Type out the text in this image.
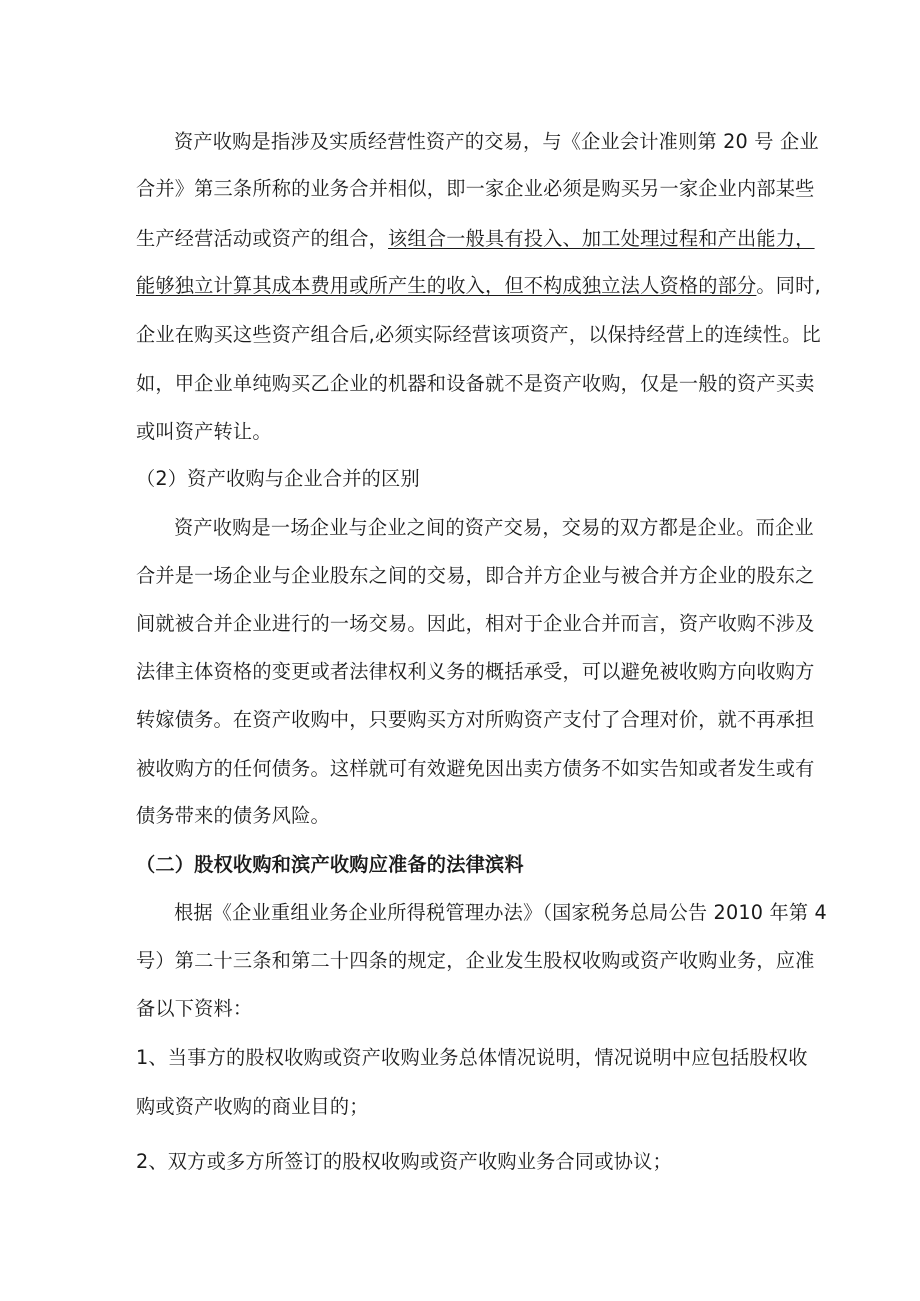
资产收购是指涉及实质经营性资产的交易，与《企业会计准则第 20 号 企业
合并》第三条所称的业务合并相似，即一家企业必须是购买另一家企业内部某些
生产经营活动或资产的组合，该组合一般具有投入、加工处理过程和产出能力，
能够独立计算其成本费用或所产生的收入，但不构成独立法人资格的部分。同时,
企业在购买这些资产组合后,必须实际经营该项资产，以保持经营上的连续性。比
如，甲企业单纯购买乙企业的机器和设备就不是资产收购，仅是一般的资产买卖
或叫资产转让。
（2）资产收购与企业合并的区别
资产收购是一场企业与企业之间的资产交易，交易的双方都是企业。而企业
合并是一场企业与企业股东之间的交易，即合并方企业与被合并方企业的股东之
间就被合并企业进行的一场交易。因此，相对于企业合并而言，资产收购不涉及
法律主体资格的变更或者法律权利义务的概括承受，可以避免被收购方向收购方
转嫁债务。在资产收购中，只要购买方对所购资产支付了合理对价，就不再承担
被收购方的任何债务。这样就可有效避免因出卖方债务不如实告知或者发生或有
债务带来的债务风险。
（二）股权收购和滨产收购应准备的法律滨料
根据《企业重组业务企业所得税管理办法》（国家税务总局公告 2010 年第 4
号）第二十三条和第二十四条的规定，企业发生股权收购或资产收购业务，应准
备以下资料：
1、当事方的股权收购或资产收购业务总体情况说明，情况说明中应包括股权收
购或资产收购的商业目的；
2、双方或多方所签订的股权收购或资产收购业务合同或协议；
